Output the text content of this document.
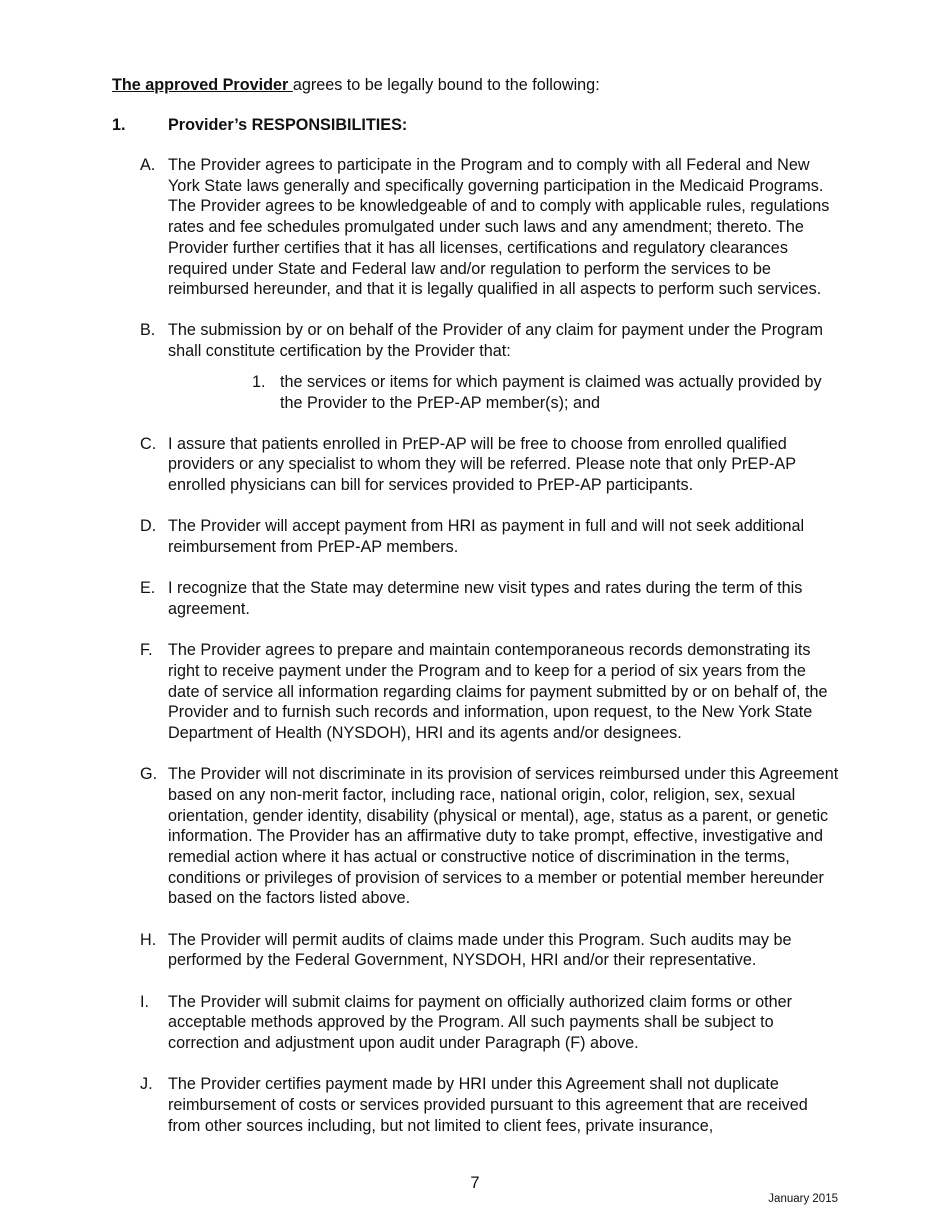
The approved Provider agrees to be legally bound to the following:
1.	Provider’s RESPONSIBILITIES:
A. The Provider agrees to participate in the Program and to comply with all Federal and New York State laws generally and specifically governing participation in the Medicaid Programs. The Provider agrees to be knowledgeable of and to comply with applicable rules, regulations rates and fee schedules promulgated under such laws and any amendment; thereto. The Provider further certifies that it has all licenses, certifications and regulatory clearances required under State and Federal law and/or regulation to perform the services to be reimbursed hereunder, and that it is legally qualified in all aspects to perform such services.
B. The submission by or on behalf of the Provider of any claim for payment under the Program shall constitute certification by the Provider that:
1. the services or items for which payment is claimed was actually provided by the Provider to the PrEP-AP member(s); and
C. I assure that patients enrolled in PrEP-AP will be free to choose from enrolled qualified providers or any specialist to whom they will be referred. Please note that only PrEP-AP enrolled physicians can bill for services provided to PrEP-AP participants.
D. The Provider will accept payment from HRI as payment in full and will not seek additional reimbursement from PrEP-AP members.
E. I recognize that the State may determine new visit types and rates during the term of this agreement.
F. The Provider agrees to prepare and maintain contemporaneous records demonstrating its right to receive payment under the Program and to keep for a period of six years from the date of service all information regarding claims for payment submitted by or on behalf of, the Provider and to furnish such records and information, upon request, to the New York State Department of Health (NYSDOH), HRI and its agents and/or designees.
G. The Provider will not discriminate in its provision of services reimbursed under this Agreement based on any non-merit factor, including race, national origin, color, religion, sex, sexual orientation, gender identity, disability (physical or mental), age, status as a parent, or genetic information. The Provider has an affirmative duty to take prompt, effective, investigative and remedial action where it has actual or constructive notice of discrimination in the terms, conditions or privileges of provision of services to a member or potential member hereunder based on the factors listed above.
H. The Provider will permit audits of claims made under this Program. Such audits may be performed by the Federal Government, NYSDOH, HRI and/or their representative.
I.	The Provider will submit claims for payment on officially authorized claim forms or other acceptable methods approved by the Program. All such payments shall be subject to correction and adjustment upon audit under Paragraph (F) above.
J. The Provider certifies payment made by HRI under this Agreement shall not duplicate reimbursement of costs or services provided pursuant to this agreement that are received from other sources including, but not limited to client fees, private insurance,
7
January 2015
